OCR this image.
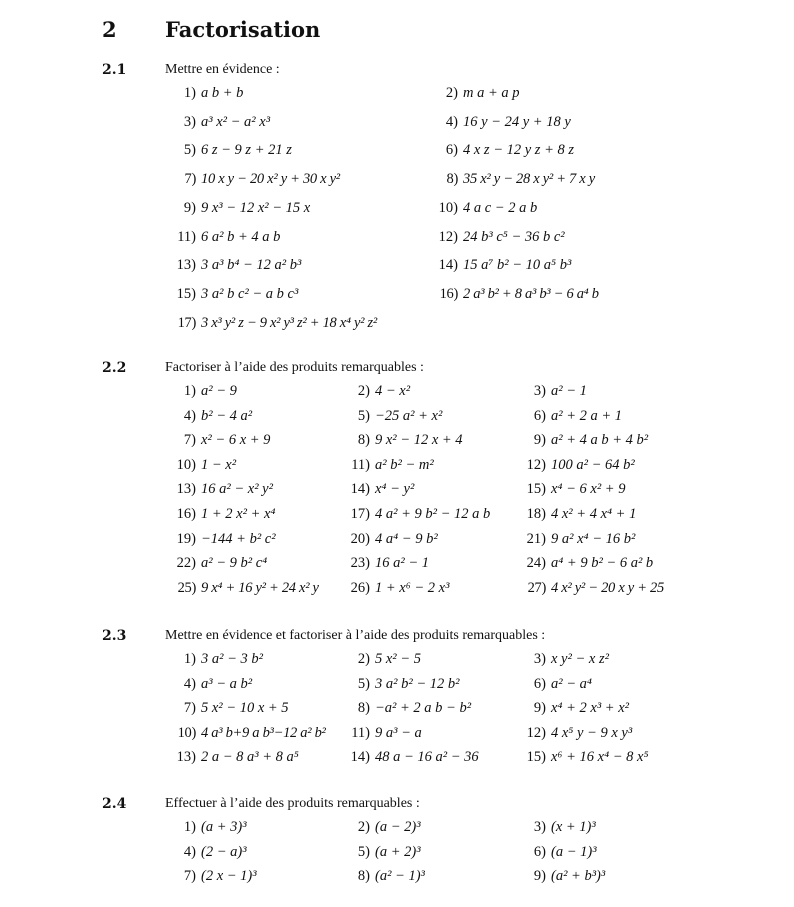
2 Factorisation
2.1	Mettre en évidence :
1) a b + b	2) m a + a p
3) a³ x² − a² x³	4) 16 y − 24 y + 18 y
5) 6 z − 9 z + 21 z	6) 4 x z − 12 y z + 8 z
7) 10 x y − 20 x² y + 30 x y²	8) 35 x² y − 28 x y² + 7 x y
9) 9 x³ − 12 x² − 15 x	10) 4 a c − 2 a b
11) 6 a² b + 4 a b	12) 24 b³ c⁵ − 36 b c²
13) 3 a³ b⁴ − 12 a² b³	14) 15 a⁷ b² − 10 a⁵ b³
15) 3 a² b c² − a b c³	16) 2 a³ b² + 8 a³ b³ − 6 a⁴ b
17) 3 x³ y² z − 9 x² y³ z² + 18 x⁴ y² z²
2.2	Factoriser à l’aide des produits remarquables :
1) a² − 9	2) 4 − x²	3) a² − 1
4) b² − 4 a²	5) −25 a² + x²	6) a² + 2 a + 1
7) x² − 6 x + 9	8) 9 x² − 12 x + 4	9) a² + 4 a b + 4 b²
10) 1 − x²	11) a² b² − m²	12) 100 a² − 64 b²
13) 16 a² − x² y²	14) x⁴ − y²	15) x⁴ − 6 x² + 9
16) 1 + 2 x² + x⁴	17) 4 a² + 9 b² − 12 a b	18) 4 x² + 4 x⁴ + 1
19) −144 + b² c²	20) 4 a⁴ − 9 b²	21) 9 a² x⁴ − 16 b²
22) a² − 9 b² c⁴	23) 16 a² − 1	24) a⁴ + 9 b² − 6 a² b
25) 9 x⁴ + 16 y² + 24 x² y	26) 1 + x⁶ − 2 x³	27) 4 x² y² − 20 x y + 25
2.3	Mettre en évidence et factoriser à l’aide des produits remarquables :
1) 3 a² − 3 b²	2) 5 x² − 5	3) x y² − x z²
4) a³ − a b²	5) 3 a² b² − 12 b²	6) a² − a⁴
7) 5 x² − 10 x + 5	8) −a² + 2 a b − b²	9) x⁴ + 2 x³ + x²
10) 4 a³ b+9 a b³−12 a² b²	11) 9 a³ − a	12) 4 x⁵ y − 9 x y³
13) 2 a − 8 a³ + 8 a⁵	14) 48 a − 16 a² − 36	15) x⁶ + 16 x⁴ − 8 x⁵
2.4	Effectuer à l’aide des produits remarquables :
1) (a + 3)³	2) (a − 2)³	3) (x + 1)³
4) (2 − a)³	5) (a + 2)³	6) (a − 1)³
7) (2 x − 1)³	8) (a² − 1)³	9) (a² + b³)³
